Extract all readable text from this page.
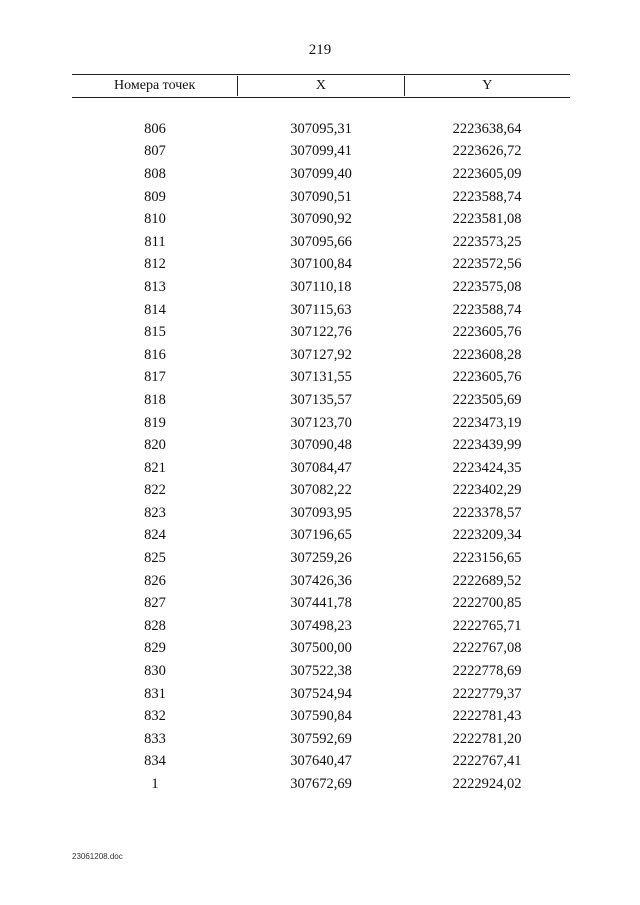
219
Номера точек	X	Y
806	307095,31	2223638,64
807	307099,41	2223626,72
808	307099,40	2223605,09
809	307090,51	2223588,74
810	307090,92	2223581,08
811	307095,66	2223573,25
812	307100,84	2223572,56
813	307110,18	2223575,08
814	307115,63	2223588,74
815	307122,76	2223605,76
816	307127,92	2223608,28
817	307131,55	2223605,76
818	307135,57	2223505,69
819	307123,70	2223473,19
820	307090,48	2223439,99
821	307084,47	2223424,35
822	307082,22	2223402,29
823	307093,95	2223378,57
824	307196,65	2223209,34
825	307259,26	2223156,65
826	307426,36	2222689,52
827	307441,78	2222700,85
828	307498,23	2222765,71
829	307500,00	2222767,08
830	307522,38	2222778,69
831	307524,94	2222779,37
832	307590,84	2222781,43
833	307592,69	2222781,20
834	307640,47	2222767,41
1	307672,69	2222924,02
23061208.doc
